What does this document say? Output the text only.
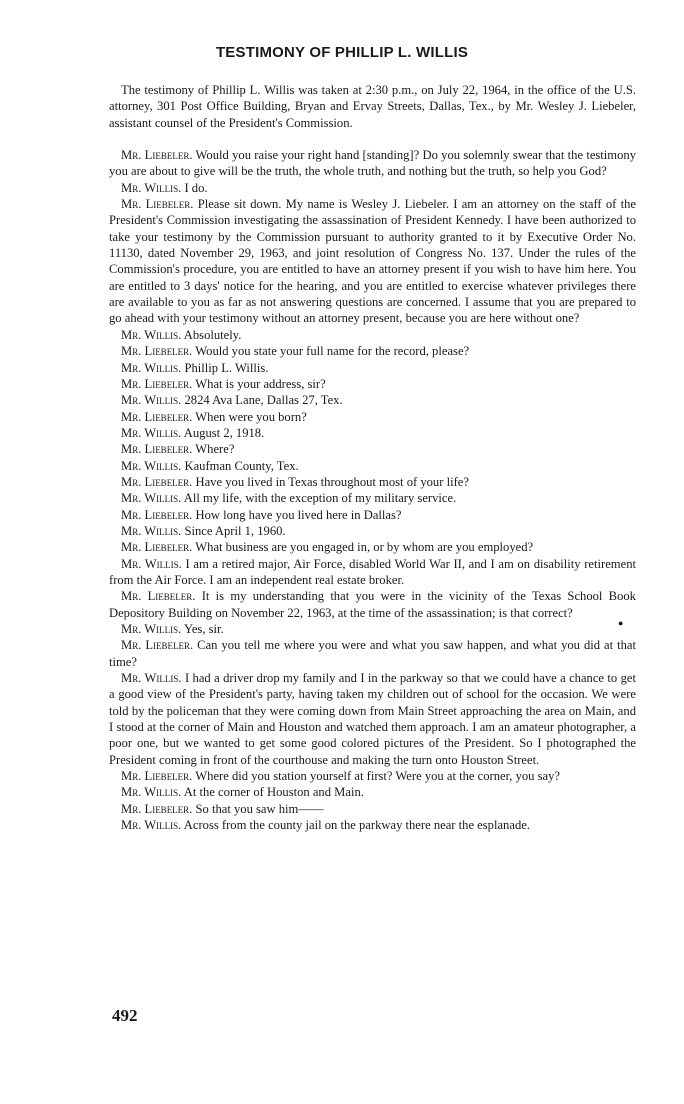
TESTIMONY OF PHILLIP L. WILLIS

The testimony of Phillip L. Willis was taken at 2:30 p.m., on July 22, 1964, in the office of the U.S. attorney, 301 Post Office Building, Bryan and Ervay Streets, Dallas, Tex., by Mr. Wesley J. Liebeler, assistant counsel of the President's Commission.

Mr. Liebeler. Would you raise your right hand [standing]? Do you solemnly swear that the testimony you are about to give will be the truth, the whole truth, and nothing but the truth, so help you God?

Mr. Willis. I do.

Mr. Liebeler. Please sit down. My name is Wesley J. Liebeler. I am an attorney on the staff of the President's Commission investigating the assassination of President Kennedy. I have been authorized to take your testimony by the Commission pursuant to authority granted to it by Executive Order No. 11130, dated November 29, 1963, and joint resolution of Congress No. 137. Under the rules of the Commission's procedure, you are entitled to have an attorney present if you wish to have him here. You are entitled to 3 days' notice for the hearing, and you are entitled to exercise whatever privileges there are available to you as far as not answering questions are concerned. I assume that you are prepared to go ahead with your testimony without an attorney present, because you are here without one?

Mr. Willis. Absolutely.

Mr. Liebeler. Would you state your full name for the record, please?

Mr. Willis. Phillip L. Willis.

Mr. Liebeler. What is your address, sir?

Mr. Willis. 2824 Ava Lane, Dallas 27, Tex.

Mr. Liebeler. When were you born?

Mr. Willis. August 2, 1918.

Mr. Liebeler. Where?

Mr. Willis. Kaufman County, Tex.

Mr. Liebeler. Have you lived in Texas throughout most of your life?

Mr. Willis. All my life, with the exception of my military service.

Mr. Liebeler. How long have you lived here in Dallas?

Mr. Willis. Since April 1, 1960.

Mr. Liebeler. What business are you engaged in, or by whom are you employed?

Mr. Willis. I am a retired major, Air Force, disabled World War II, and I am on disability retirement from the Air Force. I am an independent real estate broker.

Mr. Liebeler. It is my understanding that you were in the vicinity of the Texas School Book Depository Building on November 22, 1963, at the time of the assassination; is that correct?

Mr. Willis. Yes, sir.

Mr. Liebeler. Can you tell me where you were and what you saw happen, and what you did at that time?

Mr. Willis. I had a driver drop my family and I in the parkway so that we could have a chance to get a good view of the President's party, having taken my children out of school for the occasion. We were told by the policeman that they were coming down from Main Street approaching the area on Main, and I stood at the corner of Main and Houston and watched them approach. I am an amateur photographer, a poor one, but we wanted to get some good colored pictures of the President. So I photographed the President coming in front of the courthouse and making the turn onto Houston Street.

Mr. Liebeler. Where did you station yourself at first? Were you at the corner, you say?

Mr. Willis. At the corner of Houston and Main.

Mr. Liebeler. So that you saw him——

Mr. Willis. Across from the county jail on the parkway there near the esplanade.

●
492
